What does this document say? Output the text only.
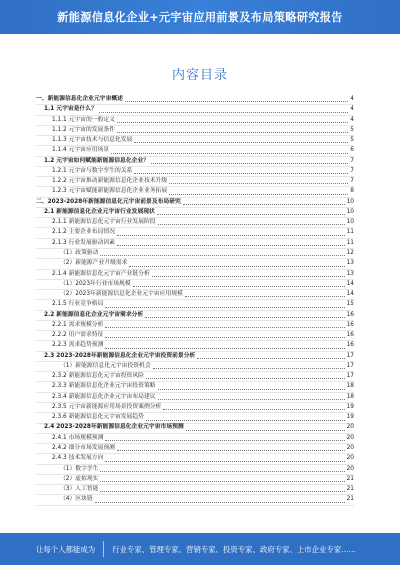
新能源信息化企业+元宇宙应用前景及布局策略研究报告
内容目录
一、新能源信息化企业元宇宙概述	4
1.1 元宇宙是什么？	4
1.1.1 元宇宙的一般定义	4
1.1.2 元宇宙的发展条件	5
1.1.3 元宇宙技术与信息化发展	5
1.1.4 元宇宙应用场景	6
1.2 元宇宙如何赋能新能源信息化企业？	7
1.2.1 元宇宙与数字孪生的关系	7
1.2.2 元宇宙推动新能源信息化企业技术升级	7
1.2.3 元宇宙赋能新能源信息化企业业务拓展	8
二、2023-2028年新能源信息化元宇宙前景及布局研究	10
2.1 新能源信息化企业元宇宙行业发展现状	10
2.1.1 新能源信息化元宇宙行业发展阶段	10
2.1.2 主要企业布局情况	11
2.1.3 行业发展驱动因素	11
（1）政策驱动	12
（2）新能源产业升级需求	13
2.1.4 新能源信息化元宇宙产业链分析	13
（1）2023年行业市场规模	14
（2）2023年新能源信息化企业元宇宙应用规模	14
2.1.5 行业竞争格局	15
2.2 新能源信息化企业元宇宙需求分析	16
2.2.1 需求规模分析	16
2.2.2 用户需求特征	16
2.2.3 需求趋势预测	16
2.3 2023-2028年新能源信息化企业元宇宙投资前景分析	17
（1）新能源信息化元宇宙投资机会	17
2.3.2 新能源信息化元宇宙投资风险	17
2.3.3 新能源信息化企业元宇宙投资策略	18
2.3.4 新能源信息化企业元宇宙布局建议	18
2.3.5 元宇宙新能源应用场景投资案例分析	19
2.3.6 新能源信息化元宇宙发展趋势	19
2.4 2023-2028年新能源信息化企业元宇宙市场预测	20
2.4.1 市场规模预测	20
2.4.2 细分市场发展预测	20
2.4.3 技术发展方向	20
（1）数字孪生	20
（2）虚拟现实	21
（3）人工智能	21
（4）区块链	21
让每个人都能成为 行业专家、管理专家、营销专家、投资专家、政府专家、上市企业专家……
